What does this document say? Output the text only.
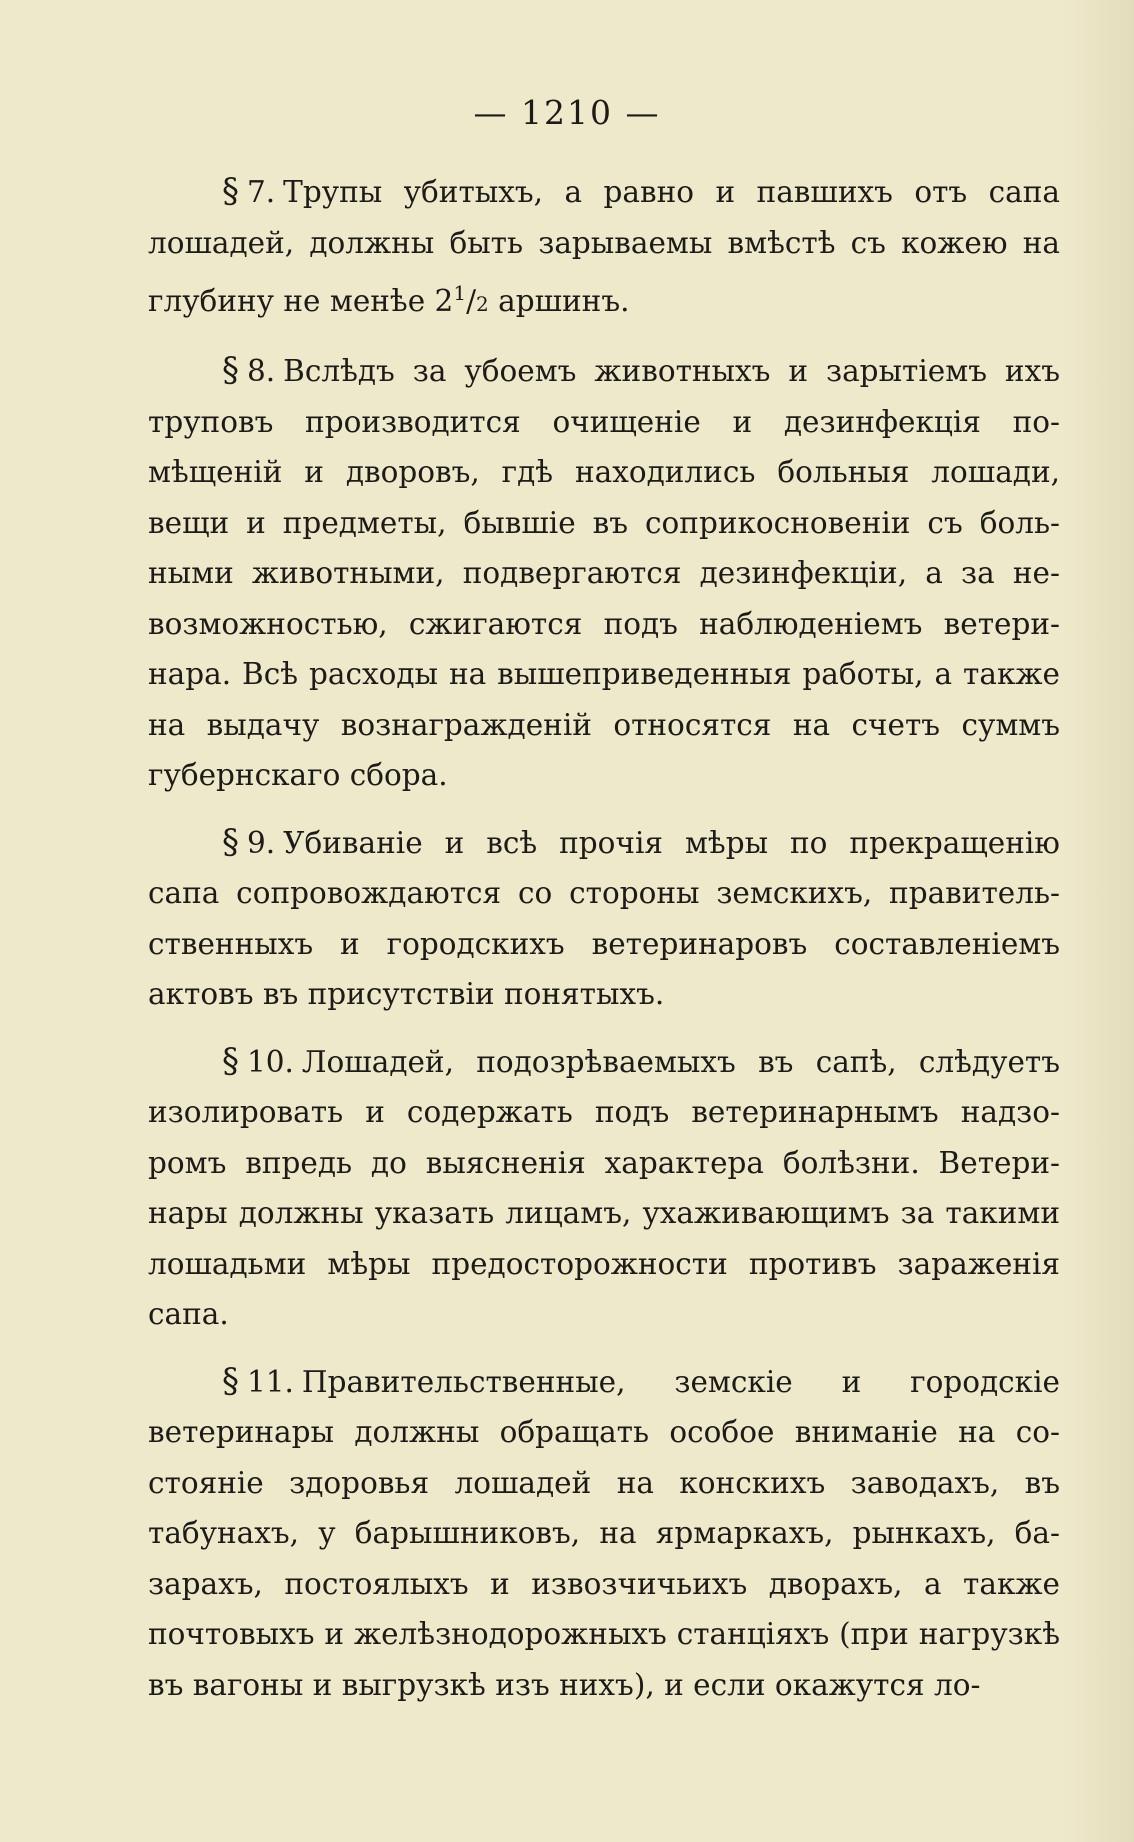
— 1210 —

§ 7. Трупы убитыхъ, а равно и павшихъ отъ сапа лошадей, должны быть зарываемы вмѣстѣ съ кожею на глубину не менѣе $2^1/2$ аршинъ.

§ 8. Вслѣдъ за убоемъ животныхъ и зарытіемъ ихъ труповъ производится очищеніе и дезинфекція помѣщеній и дворовъ, гдѣ находились больныя лошади, вещи и предметы, бывшіе въ соприкосновеніи съ больными животными, подвергаются дезинфекціи, а за невозможностью, сжигаются подъ наблюденіемъ ветеринара. Всѣ расходы на вышеприведенныя работы, а также на выдачу вознагражденій относятся на счетъ суммъ губернскаго сбора.

§ 9. Убиваніе и всѣ прочія мѣры по прекращенію сапа сопровождаются со стороны земскихъ, правительственныхъ и городскихъ ветеринаровъ составленіемъ актовъ въ присутствіи понятыхъ.

§ 10. Лошадей, подозрѣваемыхъ въ сапѣ, слѣдуетъ изолировать и содержать подъ ветеринарнымъ надзоромъ впредь до выясненія характера болѣзни. Ветеринары должны указать лицамъ, ухаживающимъ за такими лошадьми мѣры предосторожности противъ зараженія сапа.

§ 11. Правительственные, земскіе и городскіе ветеринары должны обращать особое вниманіе на состояніе здоровья лошадей на конскихъ заводахъ, въ табунахъ, у барышниковъ, на ярмаркахъ, рынкахъ, базарахъ, постоялыхъ и извозчичьихъ дворахъ, а также почтовыхъ и желѣзнодорожныхъ станціяхъ (при нагрузкѣ въ вагоны и выгрузкѣ изъ нихъ), и если окажутся ло-
